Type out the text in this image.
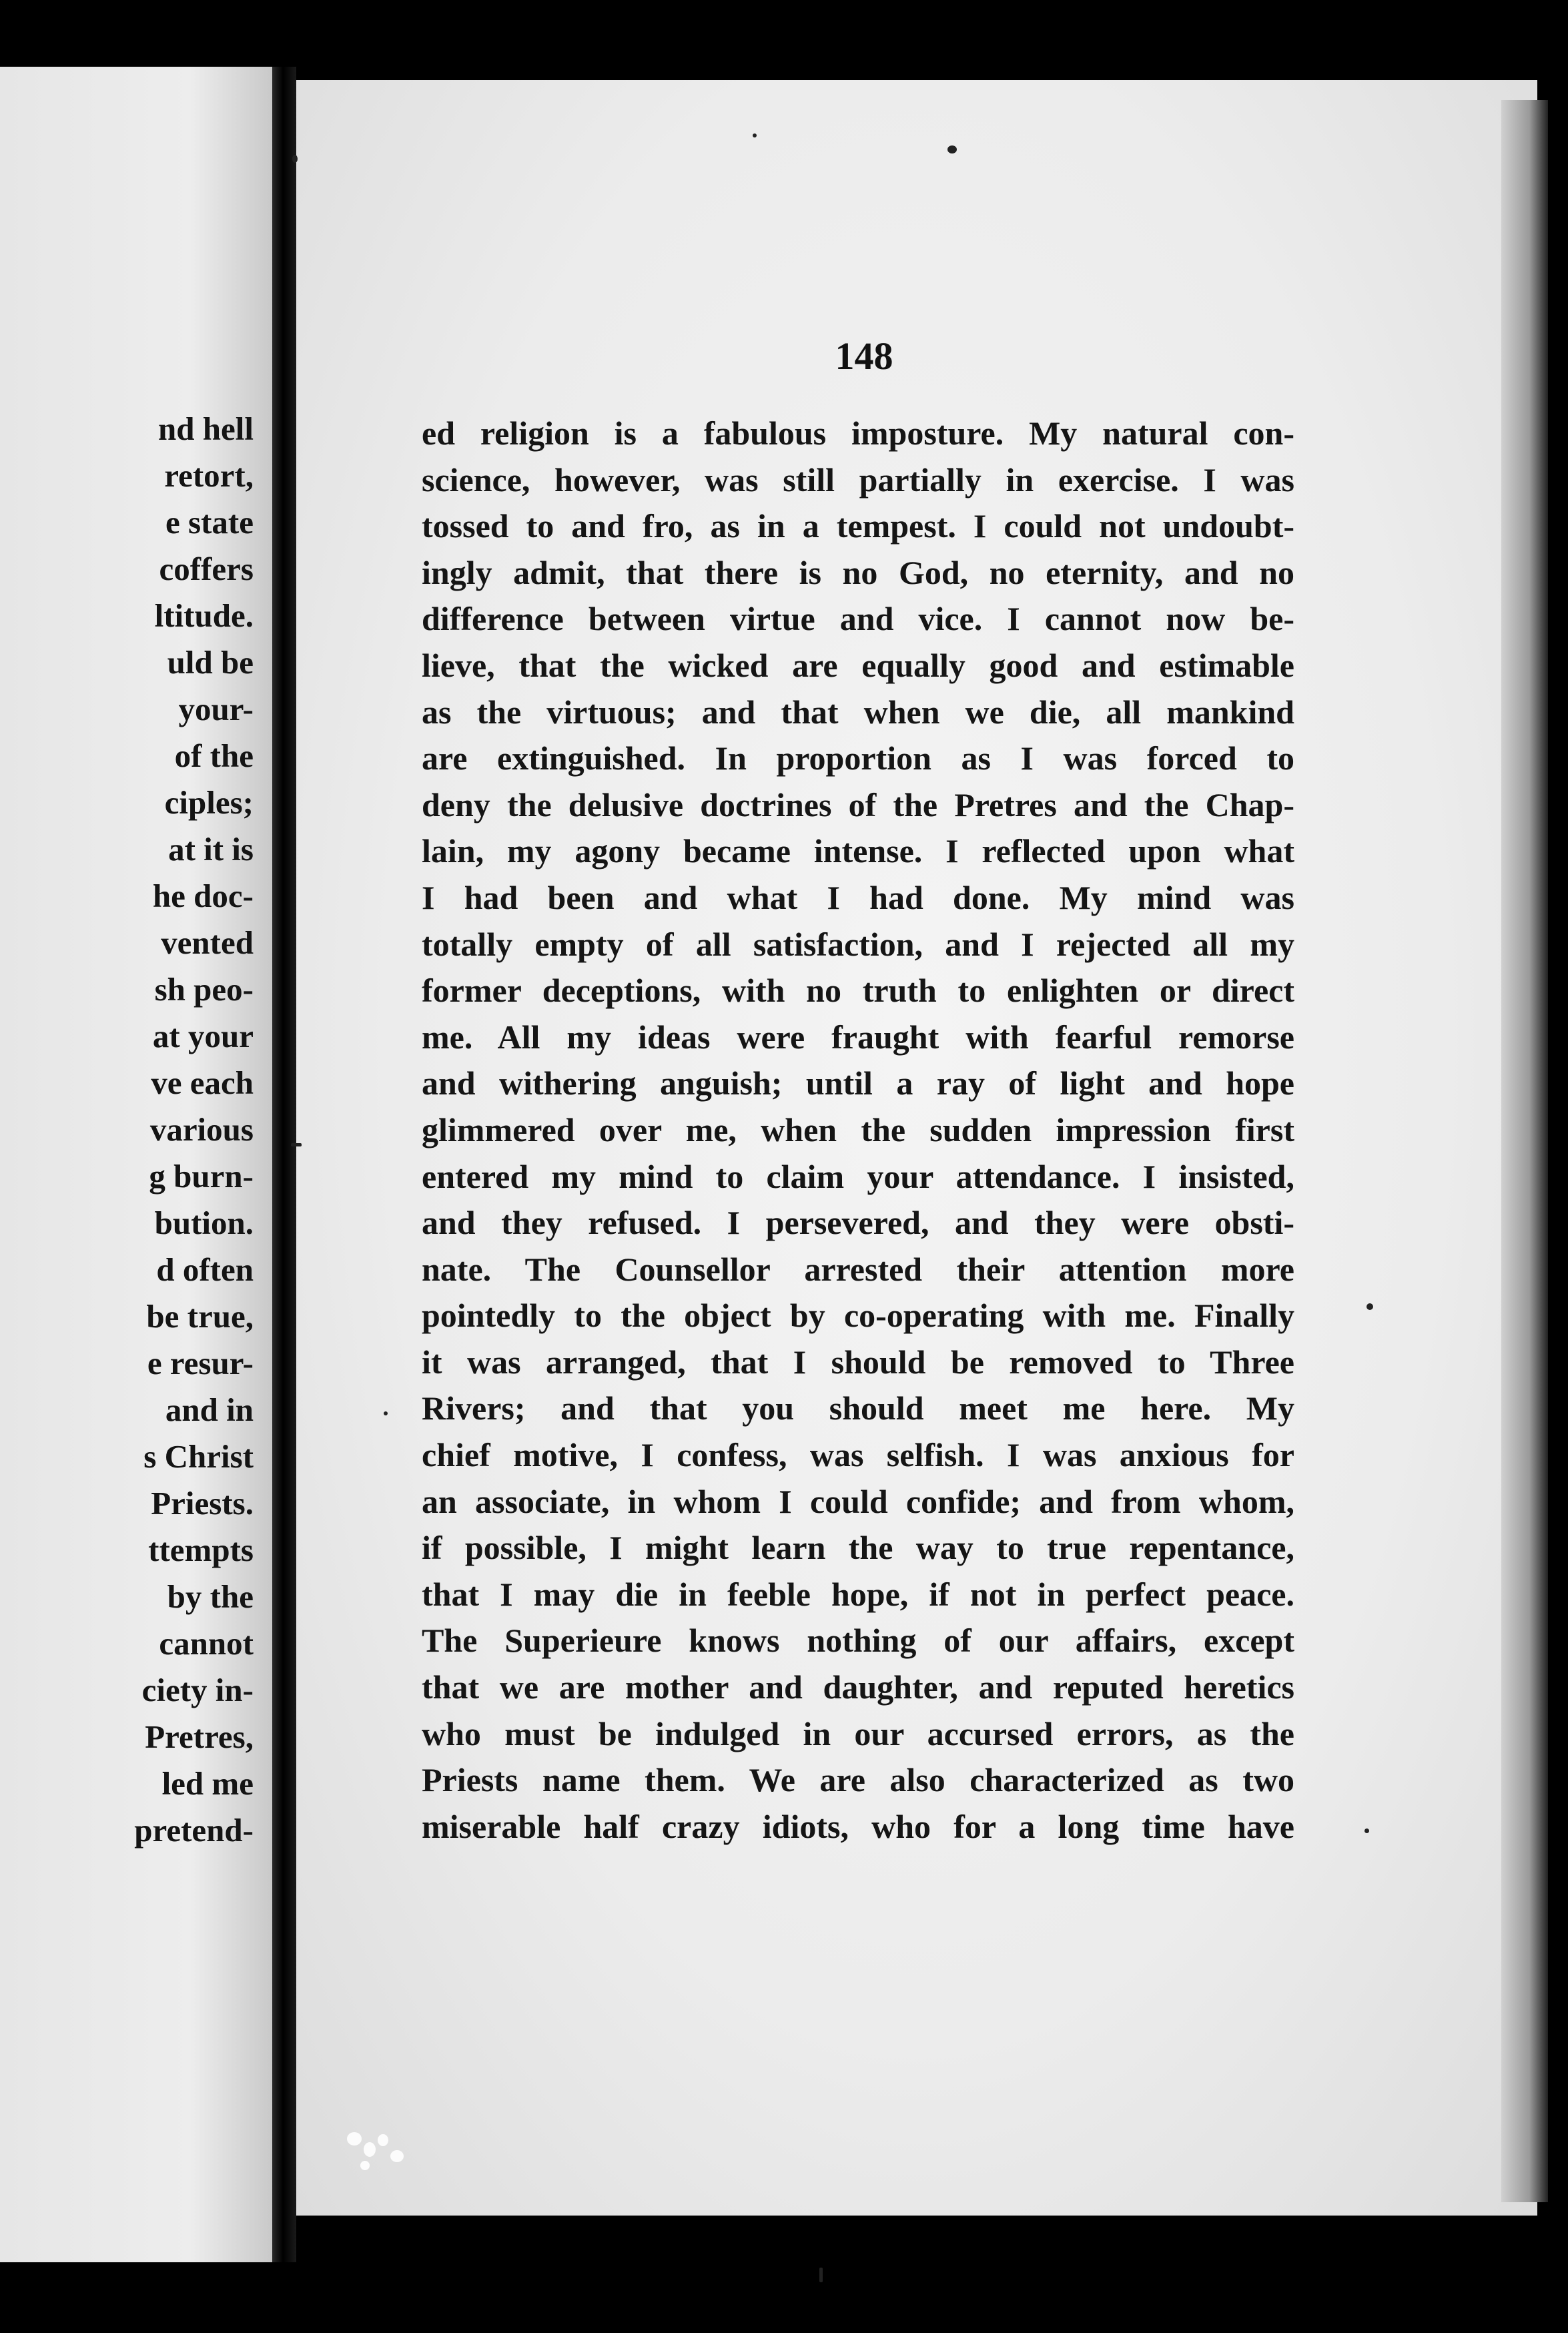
nd hell
retort,
e state
coffers
ltitude.
uld be
your-
of the
ciples;
at it is
he doc-
vented
sh peo-
at your
ve each
various
g burn-
bution.
d often
be true,
e resur-
and in
s Christ
Priests.
ttempts
by the
cannot
ciety in-
Pretres,
led me
pretend-
148
ed religion is a fabulous imposture. My natural con-
science, however, was still partially in exercise. I was
tossed to and fro, as in a tempest. I could not undoubt-
ingly admit, that there is no God, no eternity, and no
difference between virtue and vice. I cannot now be-
lieve, that the wicked are equally good and estimable
as the virtuous; and that when we die, all mankind
are extinguished. In proportion as I was forced to
deny the delusive doctrines of the Pretres and the Chap-
lain, my agony became intense. I reflected upon what
I had been and what I had done. My mind was
totally empty of all satisfaction, and I rejected all my
former deceptions, with no truth to enlighten or direct
me. All my ideas were fraught with fearful remorse
and withering anguish; until a ray of light and hope
glimmered over me, when the sudden impression first
entered my mind to claim your attendance. I insisted,
and they refused. I persevered, and they were obsti-
nate. The Counsellor arrested their attention more
pointedly to the object by co-operating with me. Finally
it was arranged, that I should be removed to Three
Rivers; and that you should meet me here. My
chief motive, I confess, was selfish. I was anxious for
an associate, in whom I could confide; and from whom,
if possible, I might learn the way to true repentance,
that I may die in feeble hope, if not in perfect peace.
The Superieure knows nothing of our affairs, except
that we are mother and daughter, and reputed heretics
who must be indulged in our accursed errors, as the
Priests name them. We are also characterized as two
miserable half crazy idiots, who for a long time have
